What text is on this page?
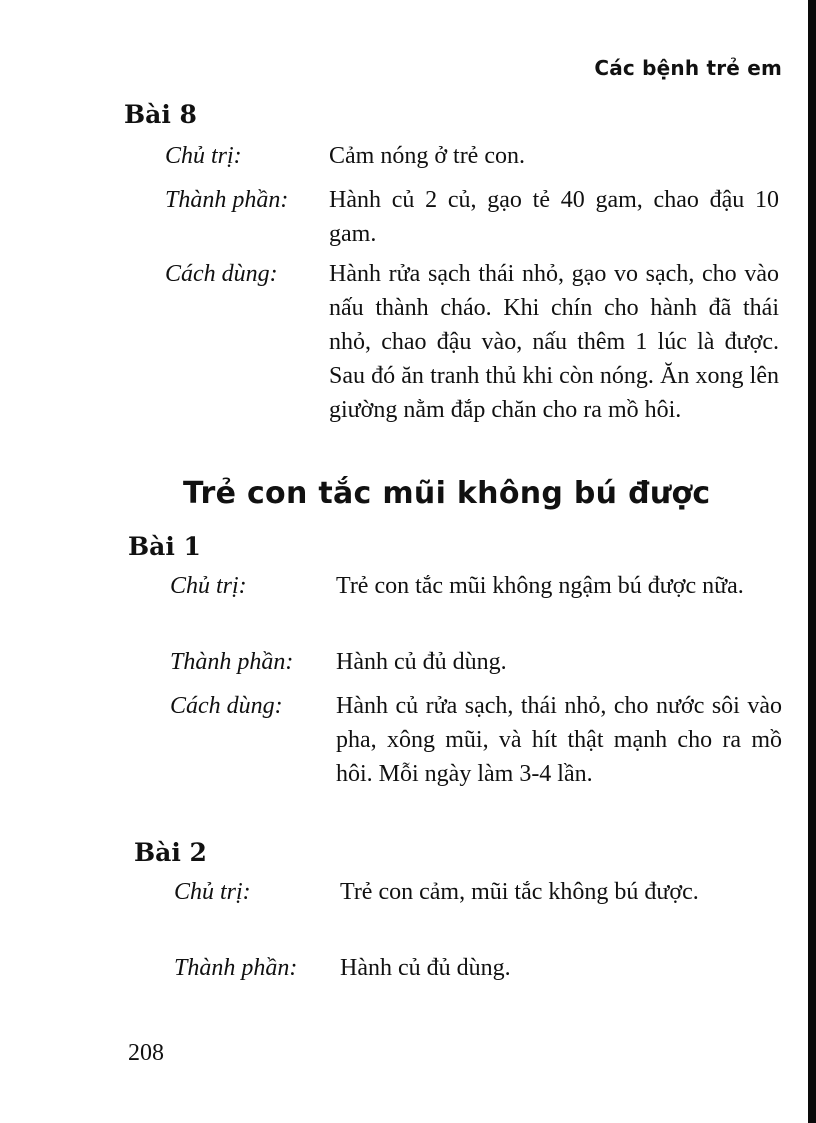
Các bệnh trẻ em
Bài 8
Chủ trị:	Cảm nóng ở trẻ con.
Thành phần: Hành củ 2 củ, gạo tẻ 40 gam, chao đậu 10 gam.
Cách dùng: Hành rửa sạch thái nhỏ, gạo vo sạch, cho vào nấu thành cháo. Khi chín cho hành đã thái nhỏ, chao đậu vào, nấu thêm 1 lúc là được. Sau đó ăn tranh thủ khi còn nóng. Ăn xong lên giường nằm đắp chăn cho ra mồ hôi.
Trẻ con tắc mũi không bú được
Bài 1
Chủ trị:	Trẻ con tắc mũi không ngậm bú được nữa.
Thành phần: Hành củ đủ dùng.
Cách dùng: Hành củ rửa sạch, thái nhỏ, cho nước sôi vào pha, xông mũi, và hít thật mạnh cho ra mồ hôi. Mỗi ngày làm 3-4 lần.
Bài 2
Chủ trị:	Trẻ con cảm, mũi tắc không bú được.
Thành phần: Hành củ đủ dùng.
208
